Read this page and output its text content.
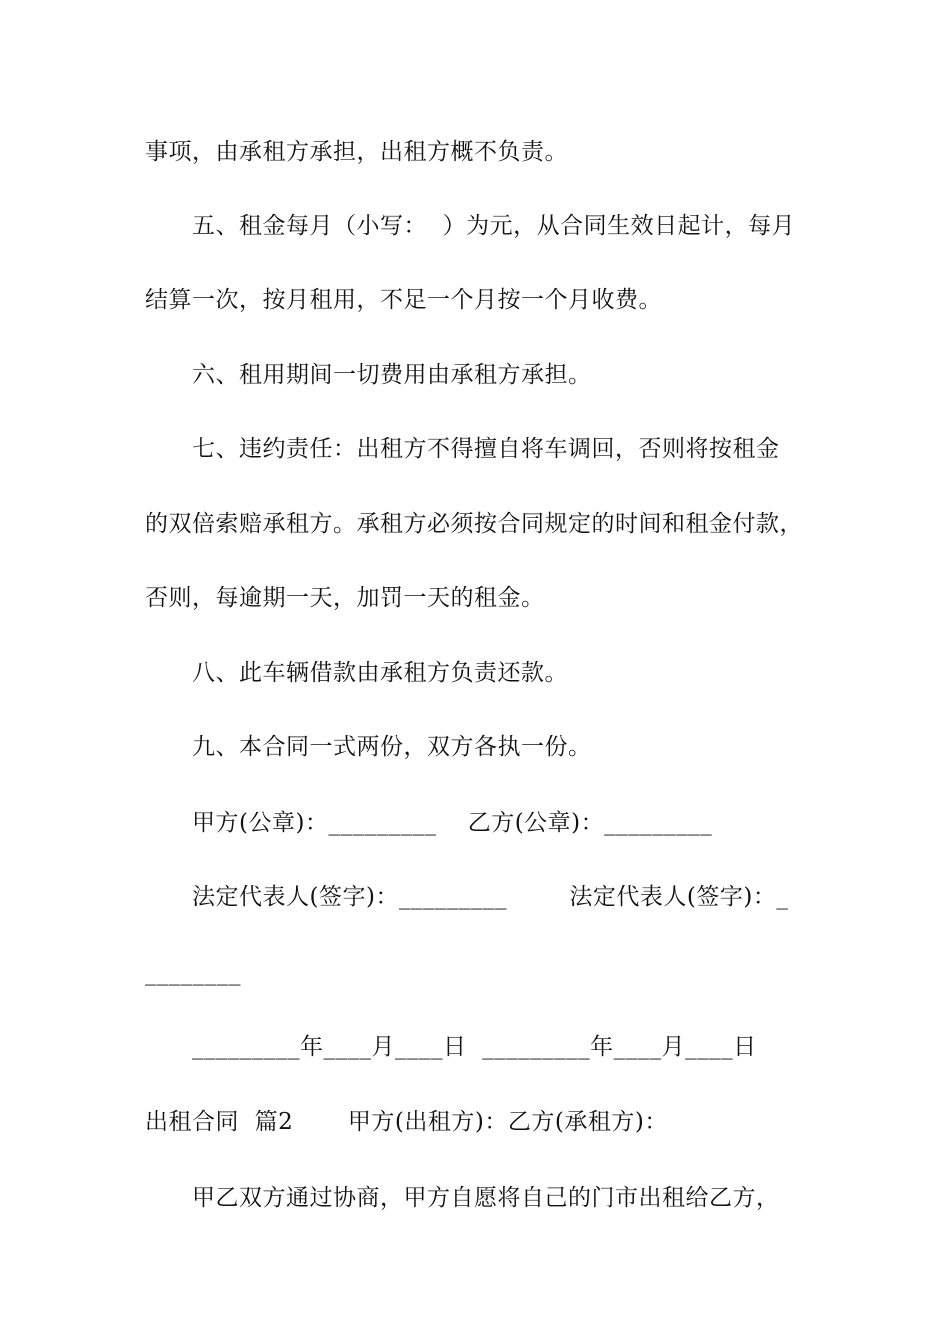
事项，由承租方承担，出租方概不负责。
五、租金每月（小写：  ）为元，从合同生效日起计，每月
结算一次，按月租用，不足一个月按一个月收费。
六、租用期间一切费用由承租方承担。
七、违约责任：出租方不得擅自将车调回，否则将按租金
的双倍索赔承租方。承租方必须按合同规定的时间和租金付款，
否则，每逾期一天，加罚一天的租金。
八、此车辆借款由承租方负责还款。
九、本合同一式两份，双方各执一份。
甲方(公章)：_________    乙方(公章)：_________
法定代表人(签字)：_________        法定代表人(签字)：_
________
_________年____月____日  _________年____月____日
出租合同  篇2       甲方(出租方)：乙方(承租方)：
甲乙双方通过协商，甲方自愿将自己的门市出租给乙方，
